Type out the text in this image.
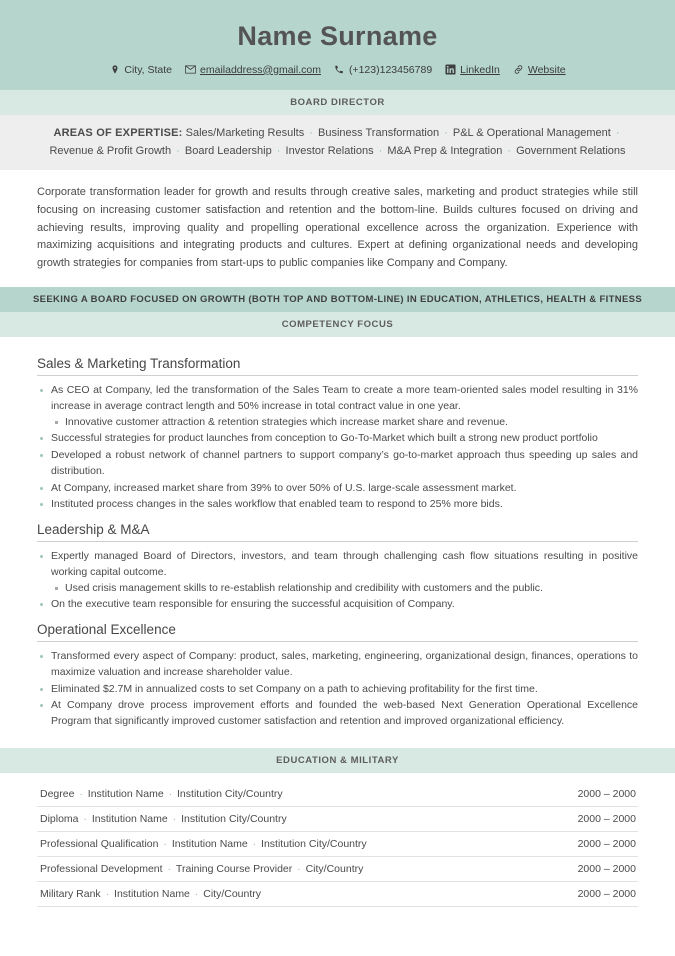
Name Surname
City, State	emailaddress@gmail.com	(+123)123456789	LinkedIn	Website
BOARD DIRECTOR
AREAS OF EXPERTISE: Sales/Marketing Results · Business Transformation · P&L & Operational Management · Revenue & Profit Growth · Board Leadership · Investor Relations · M&A Prep & Integration · Government Relations
Corporate transformation leader for growth and results through creative sales, marketing and product strategies while still focusing on increasing customer satisfaction and retention and the bottom-line. Builds cultures focused on driving and achieving results, improving quality and propelling operational excellence across the organization. Experience with maximizing acquisitions and integrating products and cultures. Expert at defining organizational needs and developing growth strategies for companies from start-ups to public companies like Company and Company.
SEEKING A BOARD FOCUSED ON GROWTH (BOTH TOP AND BOTTOM-LINE) IN EDUCATION, ATHLETICS, HEALTH & FITNESS
COMPETENCY FOCUS
Sales & Marketing Transformation
As CEO at Company, led the transformation of the Sales Team to create a more team-oriented sales model resulting in 31% increase in average contract length and 50% increase in total contract value in one year.
Innovative customer attraction & retention strategies which increase market share and revenue.
Successful strategies for product launches from conception to Go-To-Market which built a strong new product portfolio
Developed a robust network of channel partners to support company’s go-to-market approach thus speeding up sales and distribution.
At Company, increased market share from 39% to over 50% of U.S. large-scale assessment market.
Instituted process changes in the sales workflow that enabled team to respond to 25% more bids.
Leadership & M&A
Expertly managed Board of Directors, investors, and team through challenging cash flow situations resulting in positive working capital outcome.
Used crisis management skills to re-establish relationship and credibility with customers and the public.
On the executive team responsible for ensuring the successful acquisition of Company.
Operational Excellence
Transformed every aspect of Company: product, sales, marketing, engineering, organizational design, finances, operations to maximize valuation and increase shareholder value.
Eliminated $2.7M in annualized costs to set Company on a path to achieving profitability for the first time.
At Company drove process improvement efforts and founded the web-based Next Generation Operational Excellence Program that significantly improved customer satisfaction and retention and improved organizational efficiency.
EDUCATION & MILITARY
Degree · Institution Name · Institution City/Country	2000 – 2000
Diploma · Institution Name · Institution City/Country	2000 – 2000
Professional Qualification · Institution Name · Institution City/Country	2000 – 2000
Professional Development · Training Course Provider · City/Country	2000 – 2000
Military Rank · Institution Name · City/Country	2000 – 2000
